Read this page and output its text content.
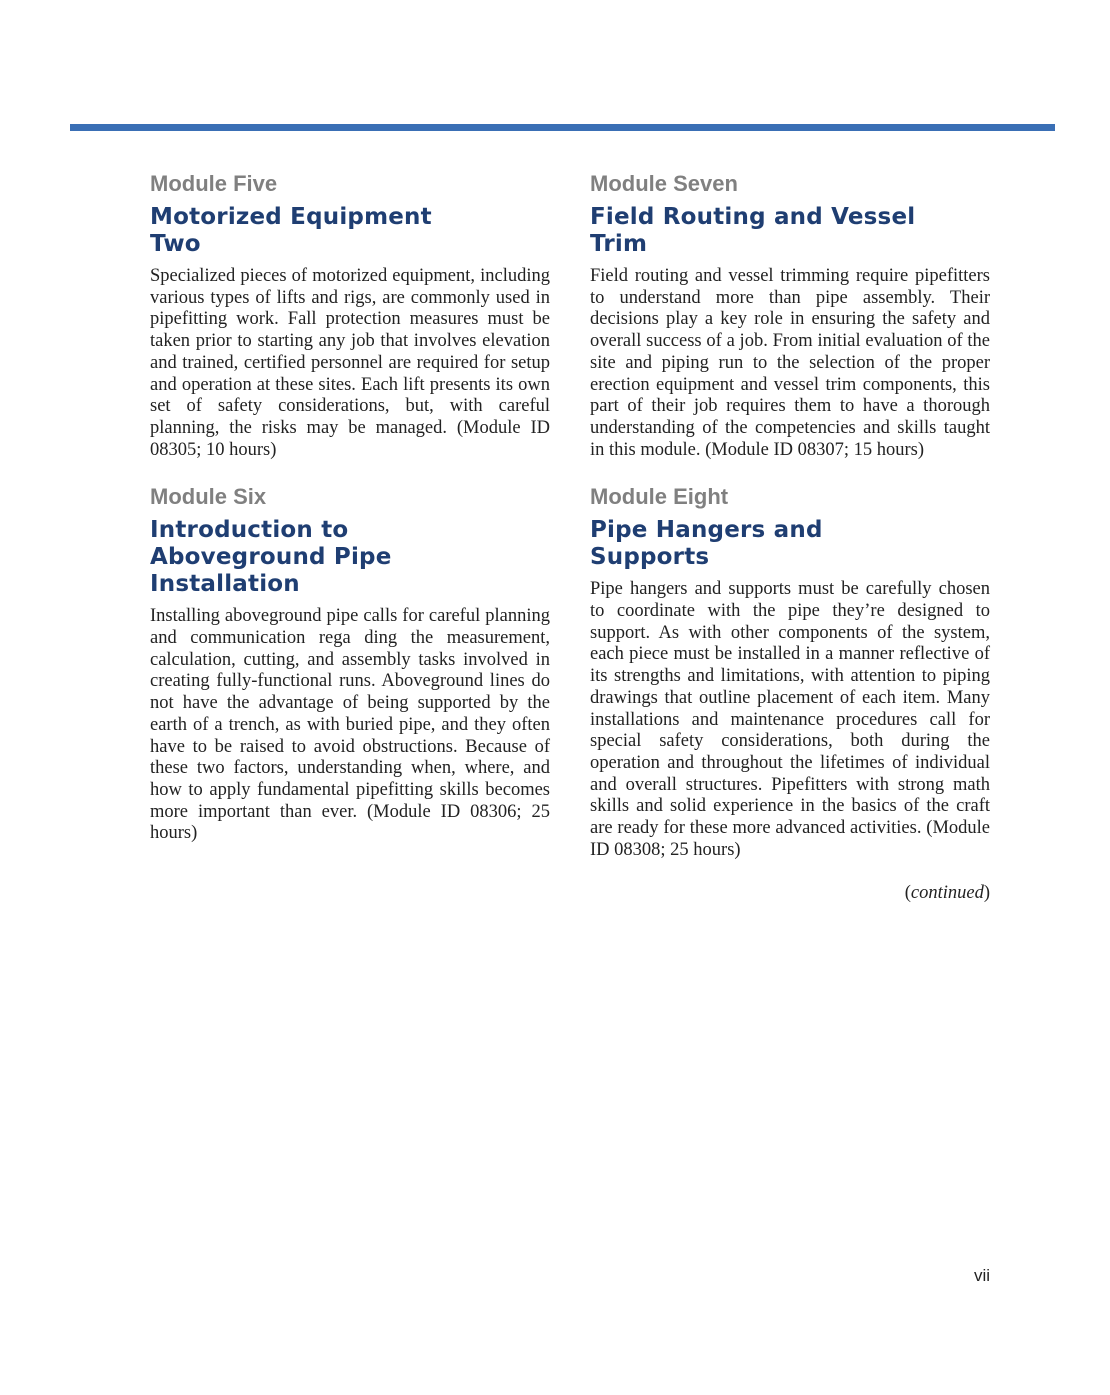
Module Five
Motorized Equipment
Two

Specialized pieces of motorized equipment, including various types of lifts and rigs, are commonly used in pipefitting work. Fall protection measures must be taken prior to starting any job that involves elevation and trained, certified personnel are required for setup and operation at these sites. Each lift presents its own set of safety considerations, but, with careful planning, the risks may be managed. (Module ID 08305; 10 hours)

Module Six
Introduction to
Aboveground Pipe
Installation

Installing aboveground pipe calls for careful planning and communication rega ding the measurement, calculation, cutting, and assembly tasks involved in creating fully-functional runs. Aboveground lines do not have the advantage of being supported by the earth of a trench, as with buried pipe, and they often have to be raised to avoid obstructions. Because of these two factors, understanding when, where, and how to apply fundamental pipefitting skills becomes more important than ever. (Module ID 08306; 25 hours)

Module Seven
Field Routing and Vessel
Trim

Field routing and vessel trimming require pipefitters to understand more than pipe assembly. Their decisions play a key role in ensuring the safety and overall success of a job. From initial evaluation of the site and piping run to the selection of the proper erection equipment and vessel trim components, this part of their job requires them to have a thorough understanding of the competencies and skills taught in this module. (Module ID 08307; 15 hours)

Module Eight
Pipe Hangers and
Supports

Pipe hangers and supports must be carefully chosen to coordinate with the pipe they’re designed to support. As with other components of the system, each piece must be installed in a manner reflective of its strengths and limitations, with attention to piping drawings that outline placement of each item. Many installations and maintenance procedures call for special safety considerations, both during the operation and throughout the lifetimes of individual and overall structures. Pipefitters with strong math skills and solid experience in the basics of the craft are ready for these more advanced activities. (Module ID 08308; 25 hours)

(continued)
vii
